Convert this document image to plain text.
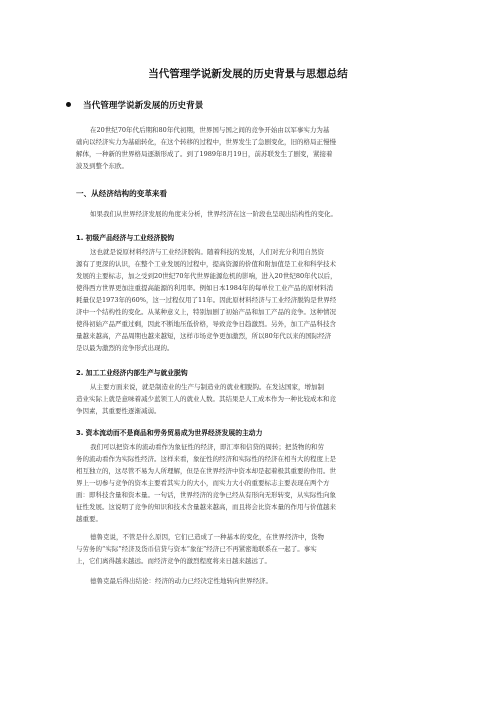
当代管理学说新发展的历史背景与思想总结
当代管理学说新发展的历史背景

在20世纪70年代后期和80年代初期，世界国与国之间的竞争开始由以军事实力为基
础向以经济实力为基础转化，在这个转移的过程中，世界发生了急剧变化，旧的格局正慢慢
解体，一种新的世界格局逐渐形成了。到了1989年8月19日，前苏联发生了剧变，紧接着
波及到整个东欧。

一、从经济结构的变革来看

如果我们从世界经济发展的角度来分析，世界经济在这一阶段也呈现出结构性的变化。

1. 初级产品经济与工业经济脱钩

这也就是说原材料经济与工业经济脱钩。随着科技的发展，人们对充分利用自然资
源有了更深的认识，在整个工业发展的过程中，提高资源的价值和附加值是工业和科学技术
发展的主要标志，加之受到20世纪70年代世界能源危机的影响，进入20世纪80年代以后，
使得西方世界更加注重提高能源的利用率。例如日本1984年的每单位工业产品的原材料消
耗量仅是1973年的60%，这一过程仅用了11年。因此原材料经济与工业经济脱钩是世界经
济中一个结构性的变化。从某种意义上，特别加剧了初始产品和加工产品的竞争。这种情况
使得初始产品严重过剩，因此不断地压低价格，导致竞争日趋激烈。另外，加工产品科技含
量越来越高，产品周期也越来越短，这样市场竞争更加激烈，所以80年代以来的国际经济
是以最为激烈的竞争形式出现的。

2. 加工工业经济内部生产与就业脱钩

从主要方面来说，就是制造业的生产与制造业的就业相脱钩。在发达国家，增加制
造业实际上就是意味着减少蓝领工人的就业人数。其结果是人工成本作为一种比较成本和竞
争因素，其重要性逐渐减弱。

3. 资本流动而不是商品和劳务贸易成为世界经济发展的主动力

我们可以把资本的流动看作为象征性的经济，即汇率和信贷的周转；把货物的和劳
务的流动看作为实际性经济。这样来看，象征性的经济和实际性的经济在相当大的程度上是
相互独立的，这尽管不易为人所理解，但是在世界经济中资本却是起着极其重要的作用。世
界上一切参与竞争的资本主要看其实力的大小，而实力大小的重要标志主要表现在两个方
面：即科技含量和资本量。一句话，世界经济的竞争已经从有形向无形转变，从实际性向象
征性发展。这说明了竞争的知识和技术含量越来越高，而且将会比资本量的作用与价值越来
越重要。

德鲁克说，不管是什么原因，它们已造成了一种基本的变化，在世界经济中，货物
与劳务的“实际”经济及货币信贷与资本“象征”经济已不再紧密地联系在一起了。事实
上，它们离得越来越远。而经济竞争的激烈程度将来日越来越远了。

德鲁克最后得出结论：经济的动力已经决定性地转向世界经济。
